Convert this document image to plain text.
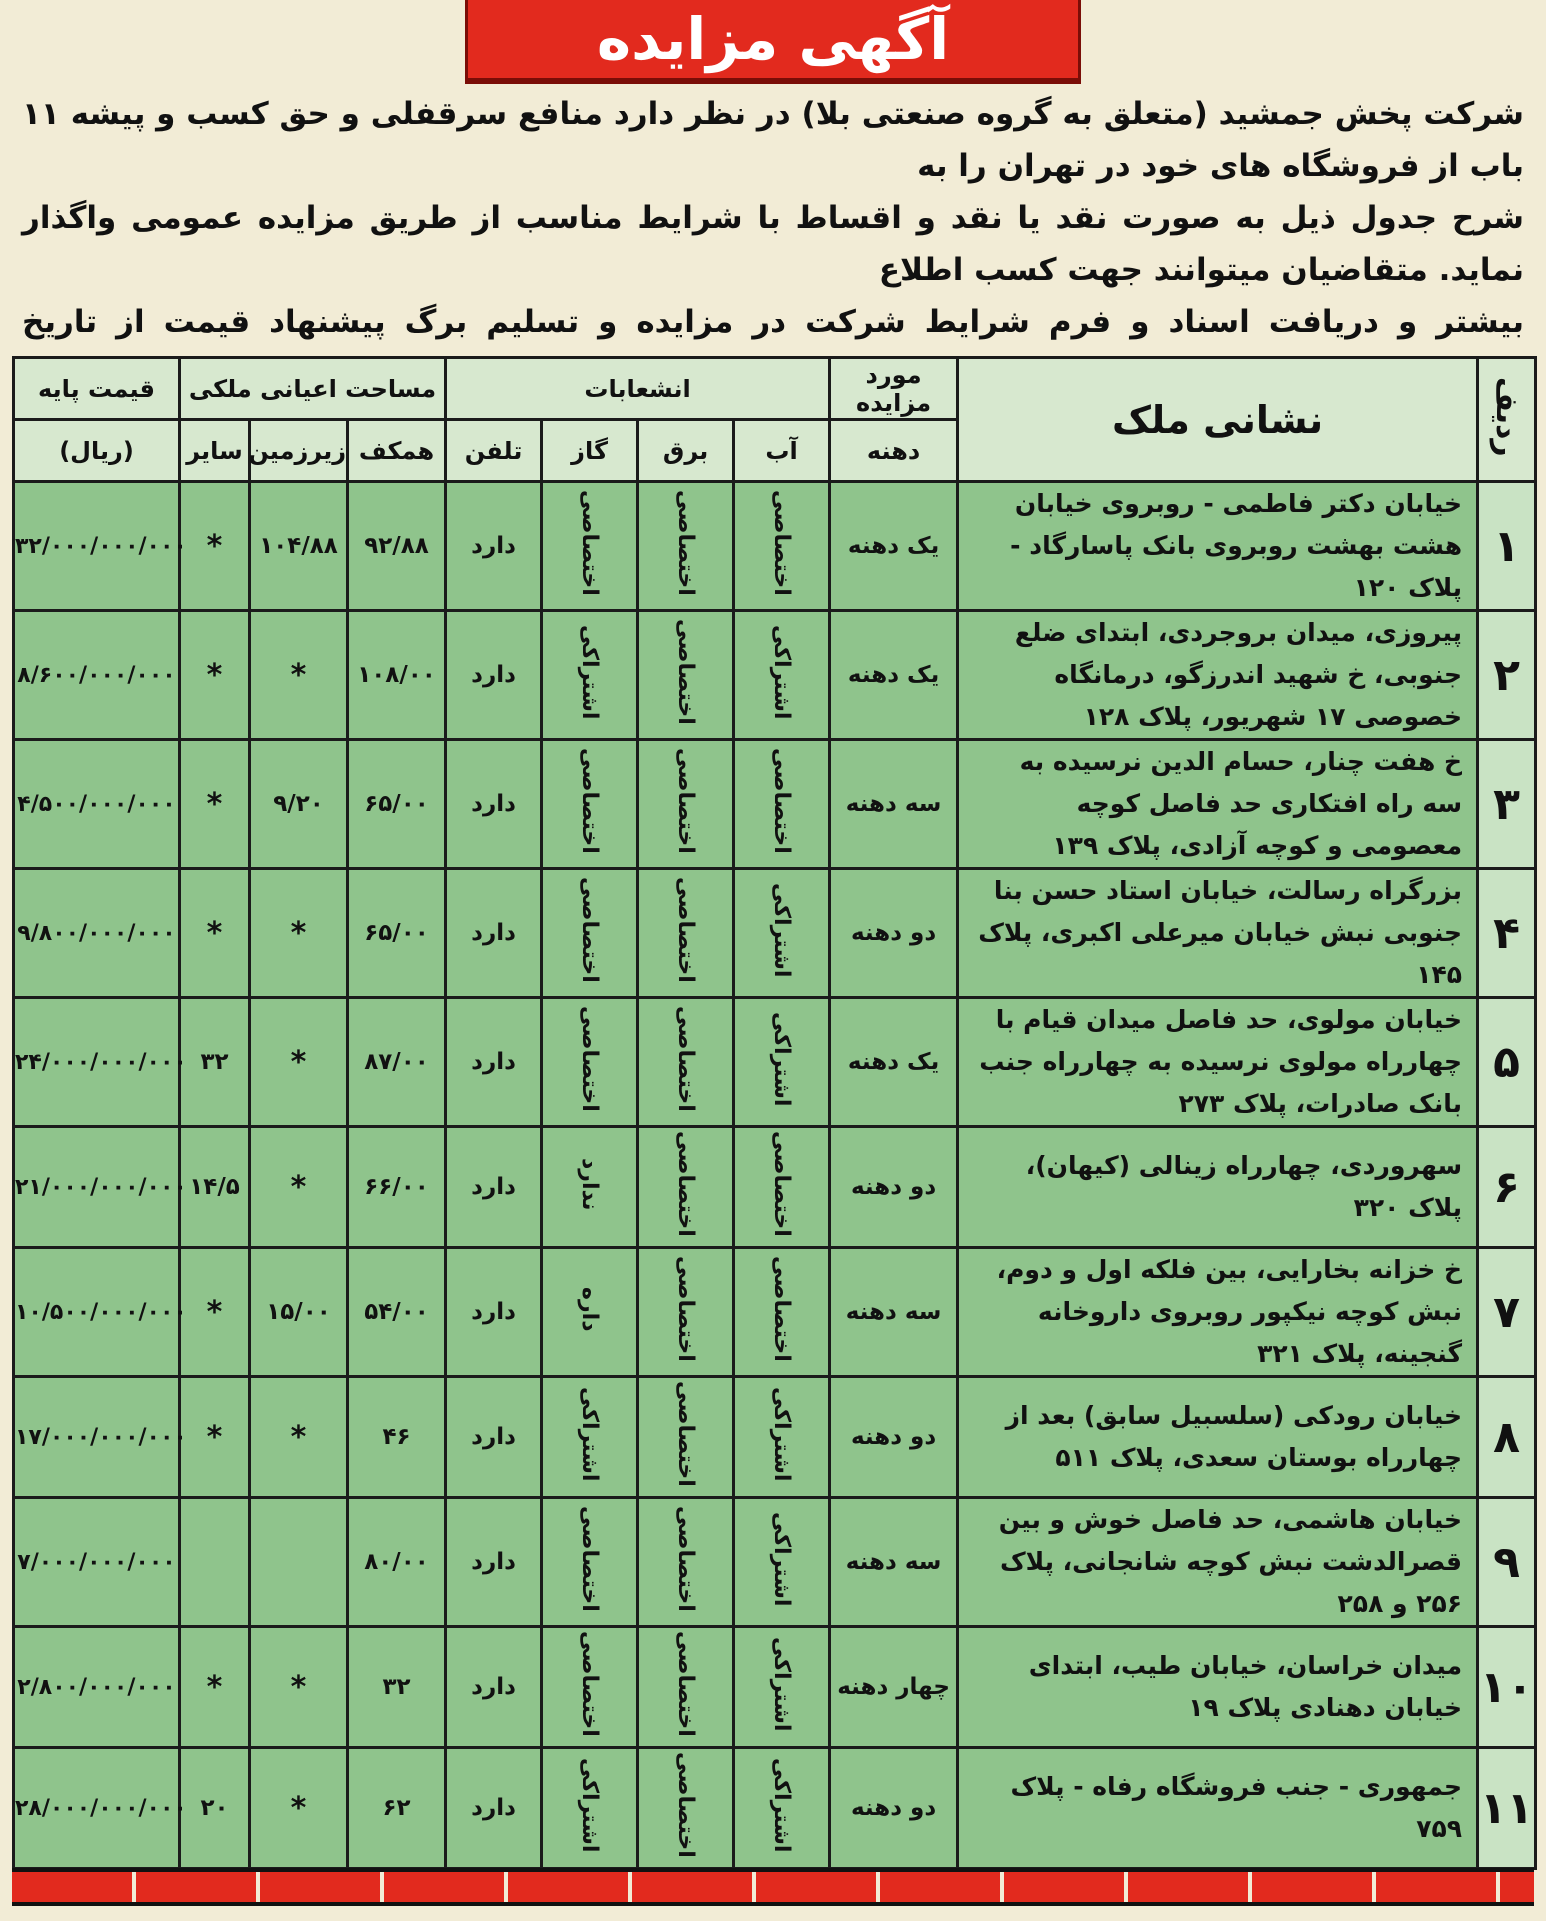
آگهی مزایده

شرکت پخش جمشید (متعلق به گروه صنعتی بلا) در نظر دارد منافع سرقفلی و حق کسب و پیشه ۱۱ باب از فروشگاه های خود در تهران را به

شرح جدول ذیل به صورت نقد یا نقد و اقساط با شرایط مناسب از طریق مزایده عمومی واگذار نماید. متقاضیان میتوانند جهت کسب اطلاع

بیشتر و دریافت اسناد و فرم شرایط شرکت در مزایده و تسلیم برگ پیشنهاد قیمت از تاریخ

ردیف	نشانی ملک	مورد مزایده	انشعابات				مساحت اعیانی ملکی			قیمت پایه
		دهنه	آب	برق	گاز	تلفن	همکف	زیرزمین	سایر	(ریال)
۱	خیابان دکتر فاطمی - روبروی خیابان هشت بهشت روبروی بانک پاسارگاد - پلاک ۱۲۰	یک دهنه	اختصاصی	اختصاصی	اختصاصی	دارد	۹۲/۸۸	۱۰۴/۸۸	*	۳۲/۰۰۰/۰۰۰/۰۰۰
۲	پیروزی، میدان بروجردی، ابتدای ضلع جنوبی، خ شهید اندرزگو، درمانگاه خصوصی ۱۷ شهریور، پلاک ۱۲۸	یک دهنه	اشتراکی	اختصاصی	اشتراکی	دارد	۱۰۸/۰۰	*	*	۸/۶۰۰/۰۰۰/۰۰۰
۳	خ هفت چنار، حسام الدین نرسیده به سه راه افتکاری حد فاصل کوچه معصومی و کوچه آزادی، پلاک ۱۳۹	سه دهنه	اختصاصی	اختصاصی	اختصاصی	دارد	۶۵/۰۰	۹/۲۰	*	۴/۵۰۰/۰۰۰/۰۰۰
۴	بزرگراه رسالت، خیابان استاد حسن بنا جنوبی نبش خیابان میرعلی اکبری، پلاک ۱۴۵	دو دهنه	اشتراکی	اختصاصی	اختصاصی	دارد	۶۵/۰۰	*	*	۹/۸۰۰/۰۰۰/۰۰۰
۵	خیابان مولوی، حد فاصل میدان قیام با چهارراه مولوی نرسیده به چهارراه جنب بانک صادرات، پلاک ۲۷۳	یک دهنه	اشتراکی	اختصاصی	اختصاصی	دارد	۸۷/۰۰	*	۳۲	۲۴/۰۰۰/۰۰۰/۰۰۰
۶	سهروردی، چهارراه زینالی (کیهان)، پلاک ۳۲۰	دو دهنه	اختصاصی	اختصاصی	ندارد	دارد	۶۶/۰۰	*	۱۴/۵	۲۱/۰۰۰/۰۰۰/۰۰۰
۷	خ خزانه بخارایی، بین فلکه اول و دوم، نبش کوچه نیکپور روبروی داروخانه گنجینه، پلاک ۳۲۱	سه دهنه	اختصاصی	اختصاصی	داره	دارد	۵۴/۰۰	۱۵/۰۰	*	۱۰/۵۰۰/۰۰۰/۰۰۰
۸	خیابان رودکی (سلسبیل سابق) بعد از چهارراه بوستان سعدی، پلاک ۵۱۱	دو دهنه	اشتراکی	اختصاصی	اشتراکی	دارد	۴۶	*	*	۱۷/۰۰۰/۰۰۰/۰۰۰
۹	خیابان هاشمی، حد فاصل خوش و بین قصرالدشت نبش کوچه شانجانی، پلاک ۲۵۶ و ۲۵۸	سه دهنه	اشتراکی	اختصاصی	اختصاصی	دارد	۸۰/۰۰			۷/۰۰۰/۰۰۰/۰۰۰
۱۰	میدان خراسان، خیابان طیب، ابتدای خیابان دهنادی پلاک ۱۹	چهار دهنه	اشتراکی	اختصاصی	اختصاصی	دارد	۳۲	*	*	۲/۸۰۰/۰۰۰/۰۰۰
۱۱	جمهوری - جنب فروشگاه رفاه - پلاک ۷۵۹	دو دهنه	اشتراکی	اختصاصی	اشتراکی	دارد	۶۲	*	۲۰	۲۸/۰۰۰/۰۰۰/۰۰۰
